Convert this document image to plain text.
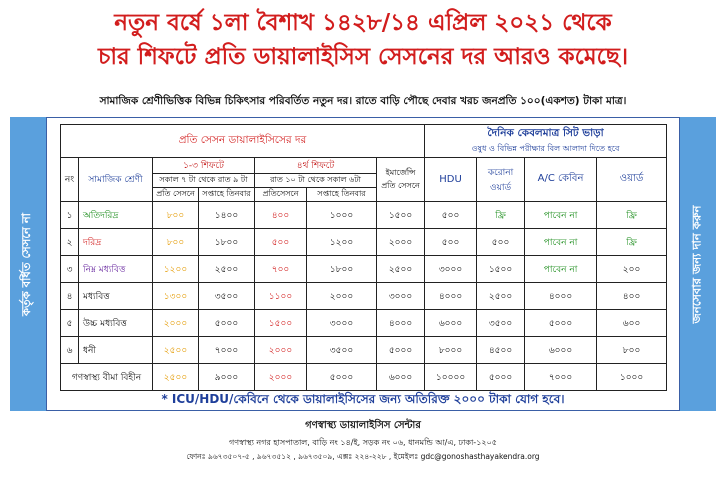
নতুন বর্ষে ১লা বৈশাখ ১৪২৮/১৪ এপ্রিল ২০২১ থেকে
চার শিফটে প্রতি ডায়ালাইসিস সেসনের দর আরও কমেছে।
সামাজিক শ্রেণীভিত্তিক বিভিন্ন চিকিৎসার পরিবর্তিত নতুন দর। রাতে বাড়ি পৌছে দেবার খরচ জনপ্রতি ১০০(একশত) টাকা মাত্র।
কর্তৃক বর্ধিত সেসনে না	জনসেবার জন্য দান করুন
প্রতি সেসন ডায়ালাইসিসের দর							দৈনিক কেবলমাত্র সিট ভাড়া
ওষুধ ও বিভিন্ন পরীক্ষার বিল আলাদা দিতে হবে			

নং	সামাজিক শ্রেণী	১-৩ শিফটে		৪র্থ শিফটে		ইমার্জেন্সি প্রতি সেসনে	HDU	করোনা ওয়ার্ড	A/C কেবিন	ওয়ার্ড
		সকাল ৭ টা থেকে রাত ৯ টা		রাত ১০ টা থেকে সকাল ৬টা						
		প্রতি সেসনে	সপ্তাহে তিনবার	প্রতিসেসনে	সপ্তাহে তিনবার					
১	অতিদরিদ্র	৮০০	১৪০০	৪০০	১০০০	১৫০০	৫০০	ফ্রি	পাবেন না	ফ্রি
২	দরিদ্র	৮০০	১৮০০	৫০০	১২০০	২০০০	৫০০	৫০০	পাবেন না	ফ্রি
৩	নিম্ন মধ্যবিত্ত	১২০০	২৫০০	৭০০	১৮০০	২৫০০	৩০০০	১৫০০	পাবেন না	২০০
৪	মধ্যবিত্ত	১৩০০	৩৫০০	১১০০	২০০০	৩০০০	৪০০০	২৫০০	৪০০০	৪০০
৫	উচ্চ মধ্যবিত্ত	২০০০	৫০০০	১৫০০	৩০০০	৪০০০	৬০০০	৩৫০০	৫০০০	৬০০
৬	ধনী	২৫০০	৭০০০	২০০০	৩৫০০	৫০০০	৮০০০	৪৫০০	৬০০০	৮০০
গণস্বাস্থ্য বীমা বিহীন		২৫০০	৯০০০	২০০০	৫০০০	৬০০০	১০০০০	৫০০০	৭০০০	১০০০
* ICU/HDU/কেবিনে থেকে ডায়ালাইসিসের জন্য অতিরিক্ত ২০০০ টাকা যোগ হবে।
গণস্বাস্থ্য ডায়ালাইসিস সেন্টার
গণস্বাস্থ্য নগর হাসপাতাল, বাড়ি নং ১৪/ই, সড়ক নং ০৬, ধানমন্ডি আ/এ, ঢাকা-১২০৫
ফোনঃ ৯৬৭৩৫০৭-৫ , ৯৬৭৩৫১২ , ৯৬৭৩৫০৯, এক্সঃ ২২৪-২২৮ , ইমেইলঃ gdc@gonoshasthayakendra.org
